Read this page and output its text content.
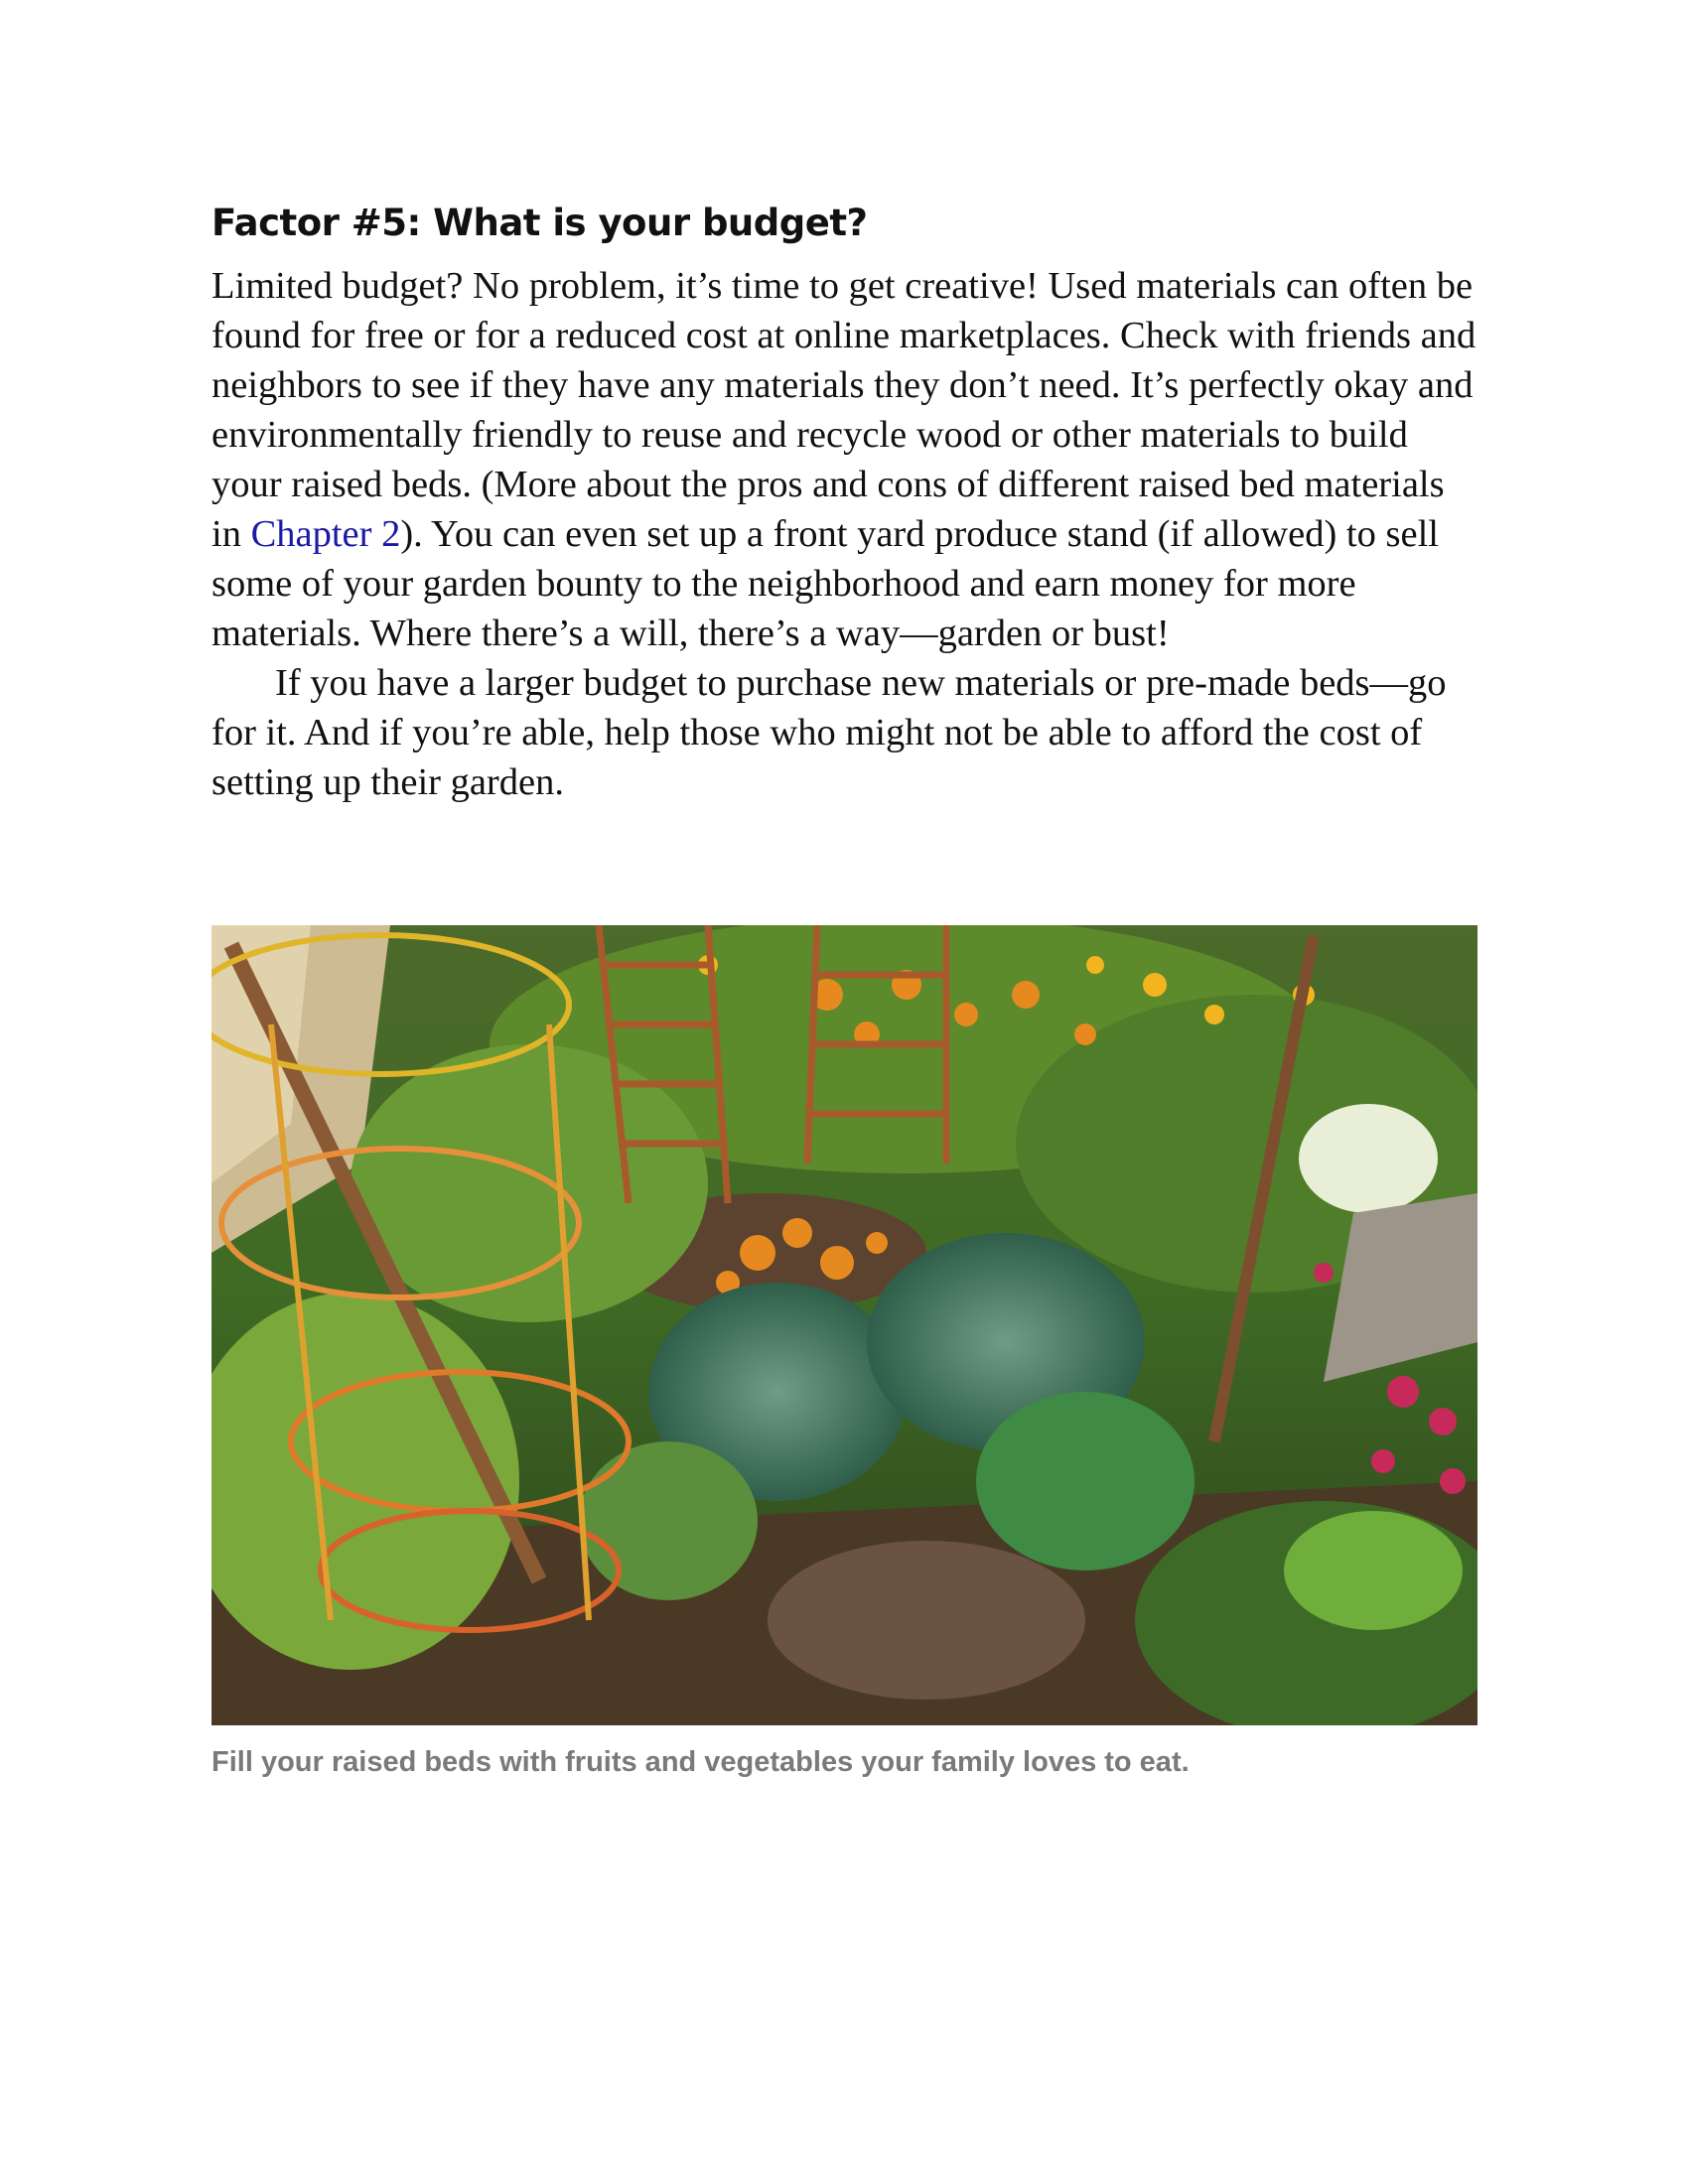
Factor #5: What is your budget?

Limited budget? No problem, it’s time to get creative! Used materials can often be found for free or for a reduced cost at online marketplaces. Check with friends and neighbors to see if they have any materials they don’t need. It’s perfectly okay and environmentally friendly to reuse and recycle wood or other materials to build your raised beds. (More about the pros and cons of different raised bed materials in Chapter 2). You can even set up a front yard produce stand (if allowed) to sell some of your garden bounty to the neighborhood and earn money for more materials. Where there’s a will, there’s a way—garden or bust!

If you have a larger budget to purchase new materials or pre-made beds—go for it. And if you’re able, help those who might not be able to afford the cost of setting up their garden.

Fill your raised beds with fruits and vegetables your family loves to eat.
